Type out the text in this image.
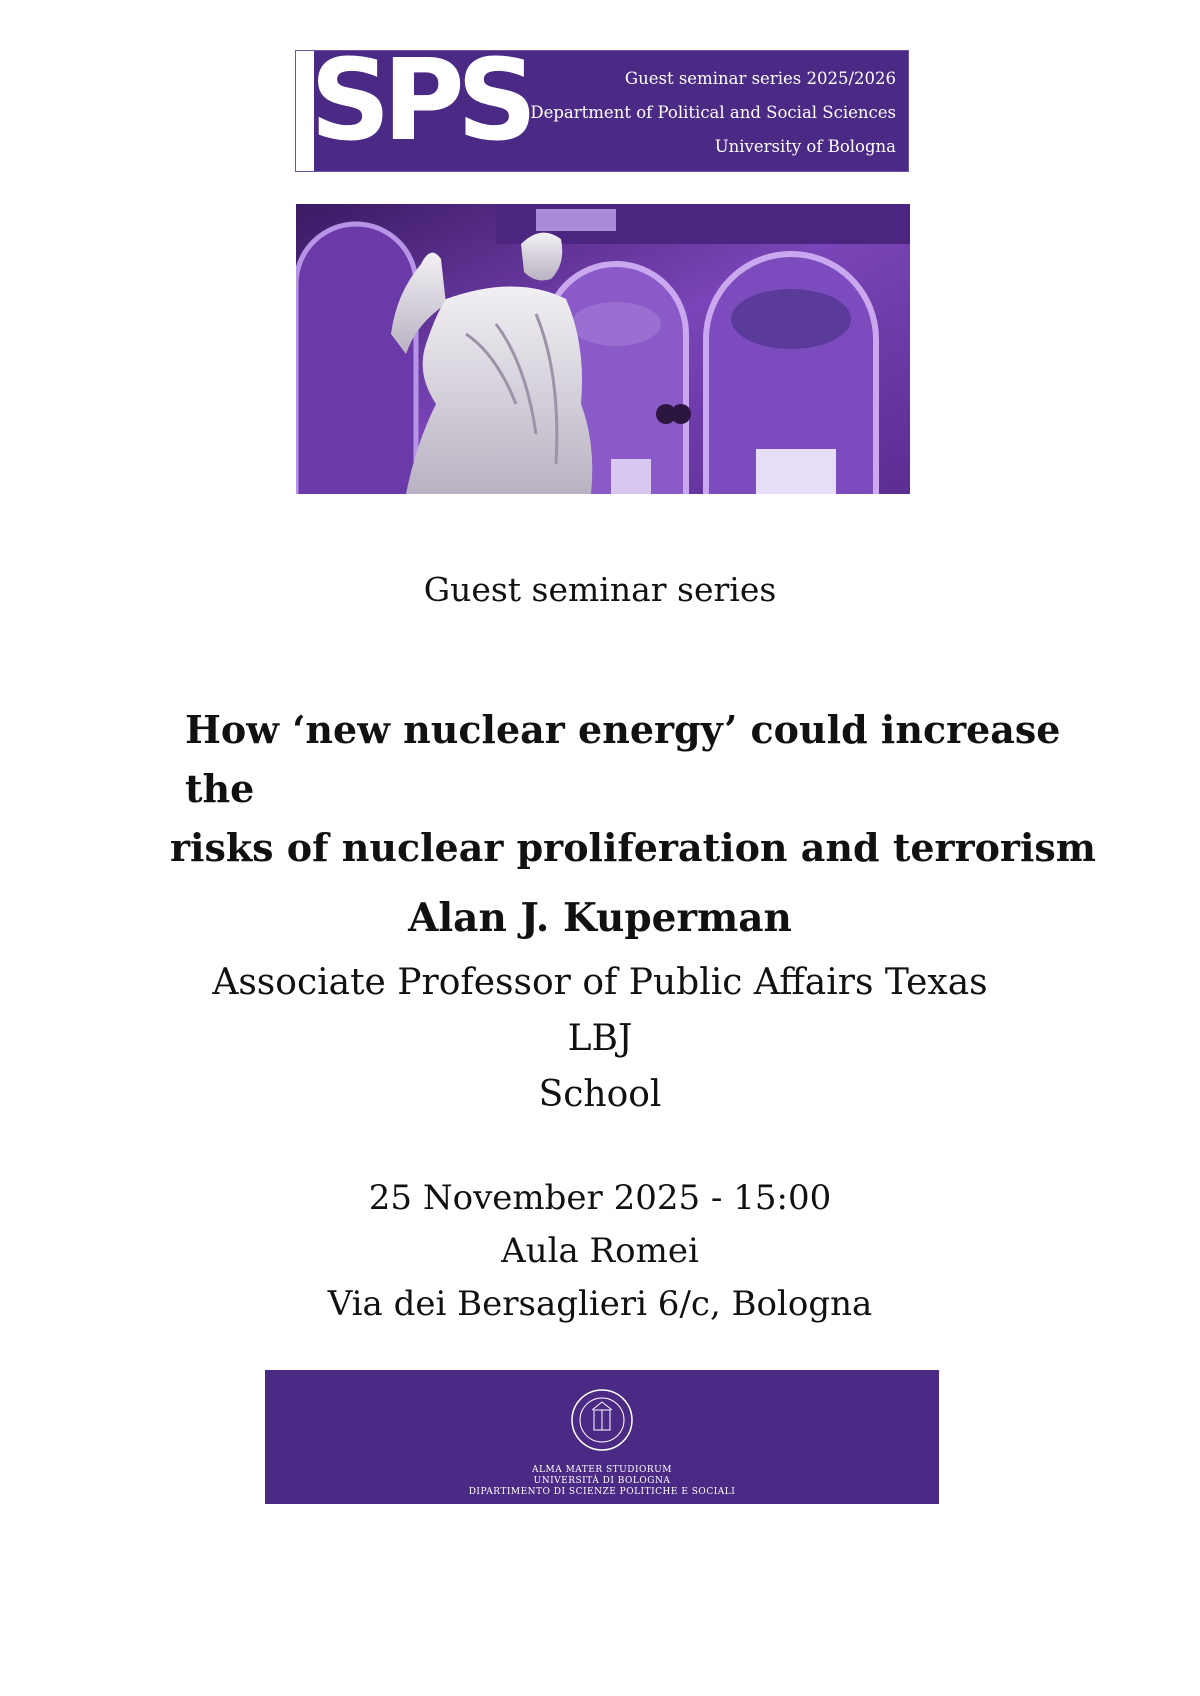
SPS	Guest seminar series 2025/2026
Department of Political and Social Sciences
University of Bologna
Guest seminar series
How ‘new nuclear energy’ could increase the
risks of nuclear proliferation and terrorism
Alan J. Kuperman
Associate Professor of Public Affairs Texas LBJ
School
25 November 2025 - 15:00
Aula Romei
Via dei Bersaglieri 6/c, Bologna
ALMA MATER STUDIORUM
UNIVERSITÀ DI BOLOGNA
DIPARTIMENTO DI SCIENZE POLITICHE E SOCIALI
